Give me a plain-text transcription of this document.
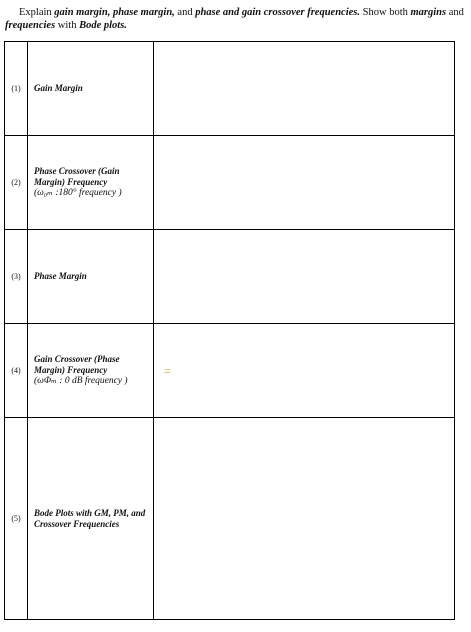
Explain gain margin, phase margin, and phase and gain crossover frequencies. Show both margins and frequencies with Bode plots.
(1)	Gain Margin	
(2)	Phase Crossover (Gain Margin) Frequency
(ω₀ₘ :180° frequency )	

(3)	Phase Margin	
(4)	Gain Crossover (Phase Margin) Frequency
(ωΦₘ : 0 dB frequency )	=
(5)	Bode Plots with GM, PM, and Crossover Frequencies	
